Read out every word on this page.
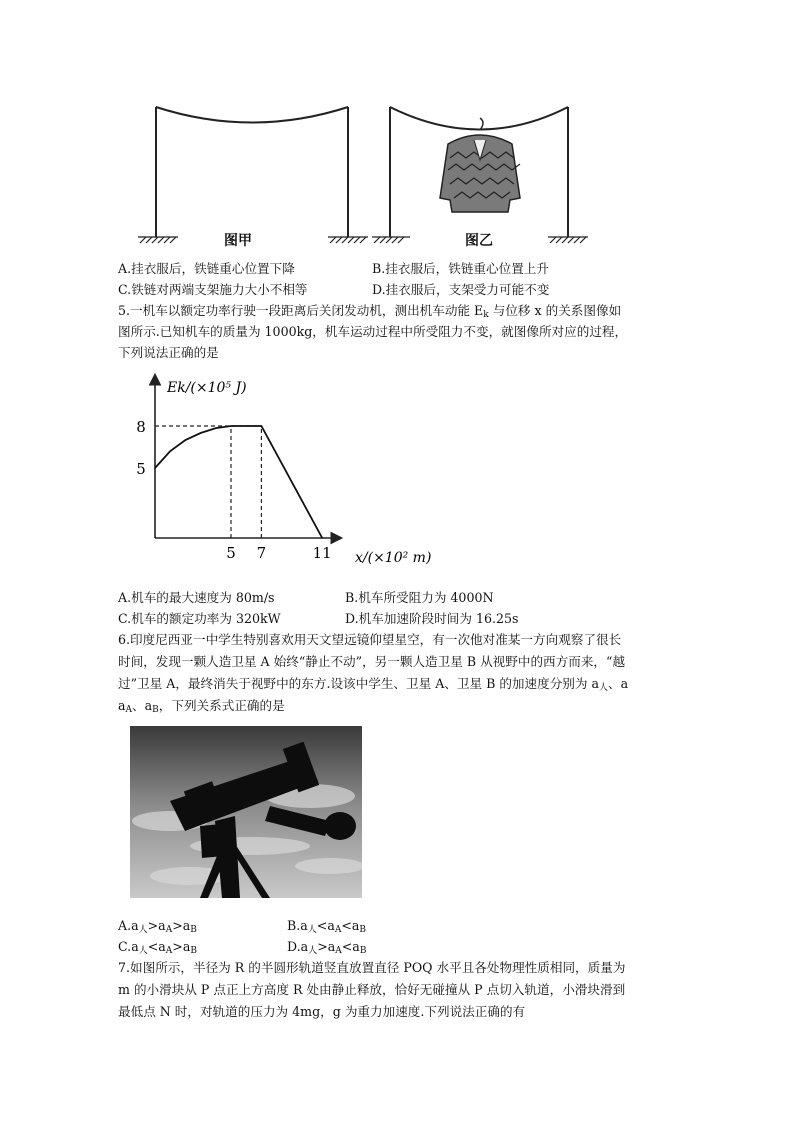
图甲	图乙
A.挂衣服后，铁链重心位置下降	B.挂衣服后，铁链重心位置上升
C.铁链对两端支架施力大小不相等	D.挂衣服后，支架受力可能不变
5.一机车以额定功率行驶一段距离后关闭发动机，测出机车动能 $E_k$ 与位移 x 的关系图像如
图所示.已知机车的质量为 1000kg，机车运动过程中所受阻力不变，就图像所对应的过程，
下列说法正确的是
Ek/(×10⁵ J)
x/(×10² m)
5
8
5 7	11
A.机车的最大速度为 80m/s	B.机车所受阻力为 4000N
C.机车的额定功率为 320kW	D.机车加速阶段时间为 16.25s
6.印度尼西亚一中学生特别喜欢用天文望远镜仰望星空，有一次他对准某一方向观察了很长
时间，发现一颗人造卫星 A 始终“静止不动”，另一颗人造卫星 B 从视野中的西方而来，“越
过”卫星 A，最终消失于视野中的东方.设该中学生、卫星 A、卫星 B 的加速度分别为 $a_人$、a
$a_A$、$a_B$，下列关系式正确的是
$A.a_人>a_A>a_B$	$B.a_人<a_A<a_B$
$C.a_人<a_A>a_B$	$D.a_人>a_A<a_B$
7.如图所示，半径为 R 的半圆形轨道竖直放置直径 POQ 水平且各处物理性质相同，质量为
m 的小滑块从 P 点正上方高度 R 处由静止释放，恰好无碰撞从 P 点切入轨道，小滑块滑到
最低点 N 时，对轨道的压力为 4mg，g 为重力加速度.下列说法正确的有
